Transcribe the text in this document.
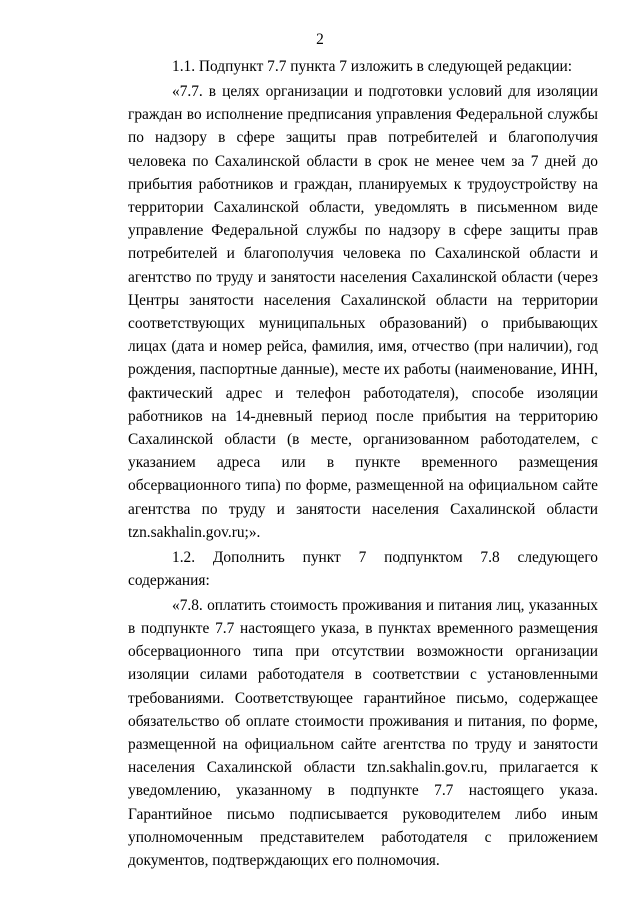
2

1.1. Подпункт 7.7 пункта 7 изложить в следующей редакции:

«7.7. в целях организации и подготовки условий для изоляции граждан во исполнение предписания управления Федеральной службы по надзору в сфере защиты прав потребителей и благополучия человека по Сахалинской области в срок не менее чем за 7 дней до прибытия работников и граждан, планируемых к трудоустройству на территории Сахалинской области, уведомлять в письменном виде управление Федеральной службы по надзору в сфере защиты прав потребителей и благополучия человека по Сахалинской области и агентство по труду и занятости населения Сахалинской области (через Центры занятости населения Сахалинской области на территории соответствующих муниципальных образований) о прибывающих лицах (дата и номер рейса, фамилия, имя, отчество (при наличии), год рождения, паспортные данные), месте их работы (наименование, ИНН, фактический адрес и телефон работодателя), способе изоляции работников на 14-дневный период после прибытия на территорию Сахалинской области (в месте, организованном работодателем, с указанием адреса или в пункте временного размещения обсервационного типа) по форме, размещенной на официальном сайте агентства по труду и занятости населения Сахалинской области tzn.sakhalin.gov.ru;».

1.2. Дополнить пункт 7 подпунктом 7.8 следующего содержания:

«7.8. оплатить стоимость проживания и питания лиц, указанных в подпункте 7.7 настоящего указа, в пунктах временного размещения обсервационного типа при отсутствии возможности организации изоляции силами работодателя в соответствии с установленными требованиями. Соответствующее гарантийное письмо, содержащее обязательство об оплате стоимости проживания и питания, по форме, размещенной на официальном сайте агентства по труду и занятости населения Сахалинской области tzn.sakhalin.gov.ru, прилагается к уведомлению, указанному в подпункте 7.7 настоящего указа. Гарантийное письмо подписывается руководителем либо иным уполномоченным представителем работодателя с приложением документов, подтверждающих его полномочия.
